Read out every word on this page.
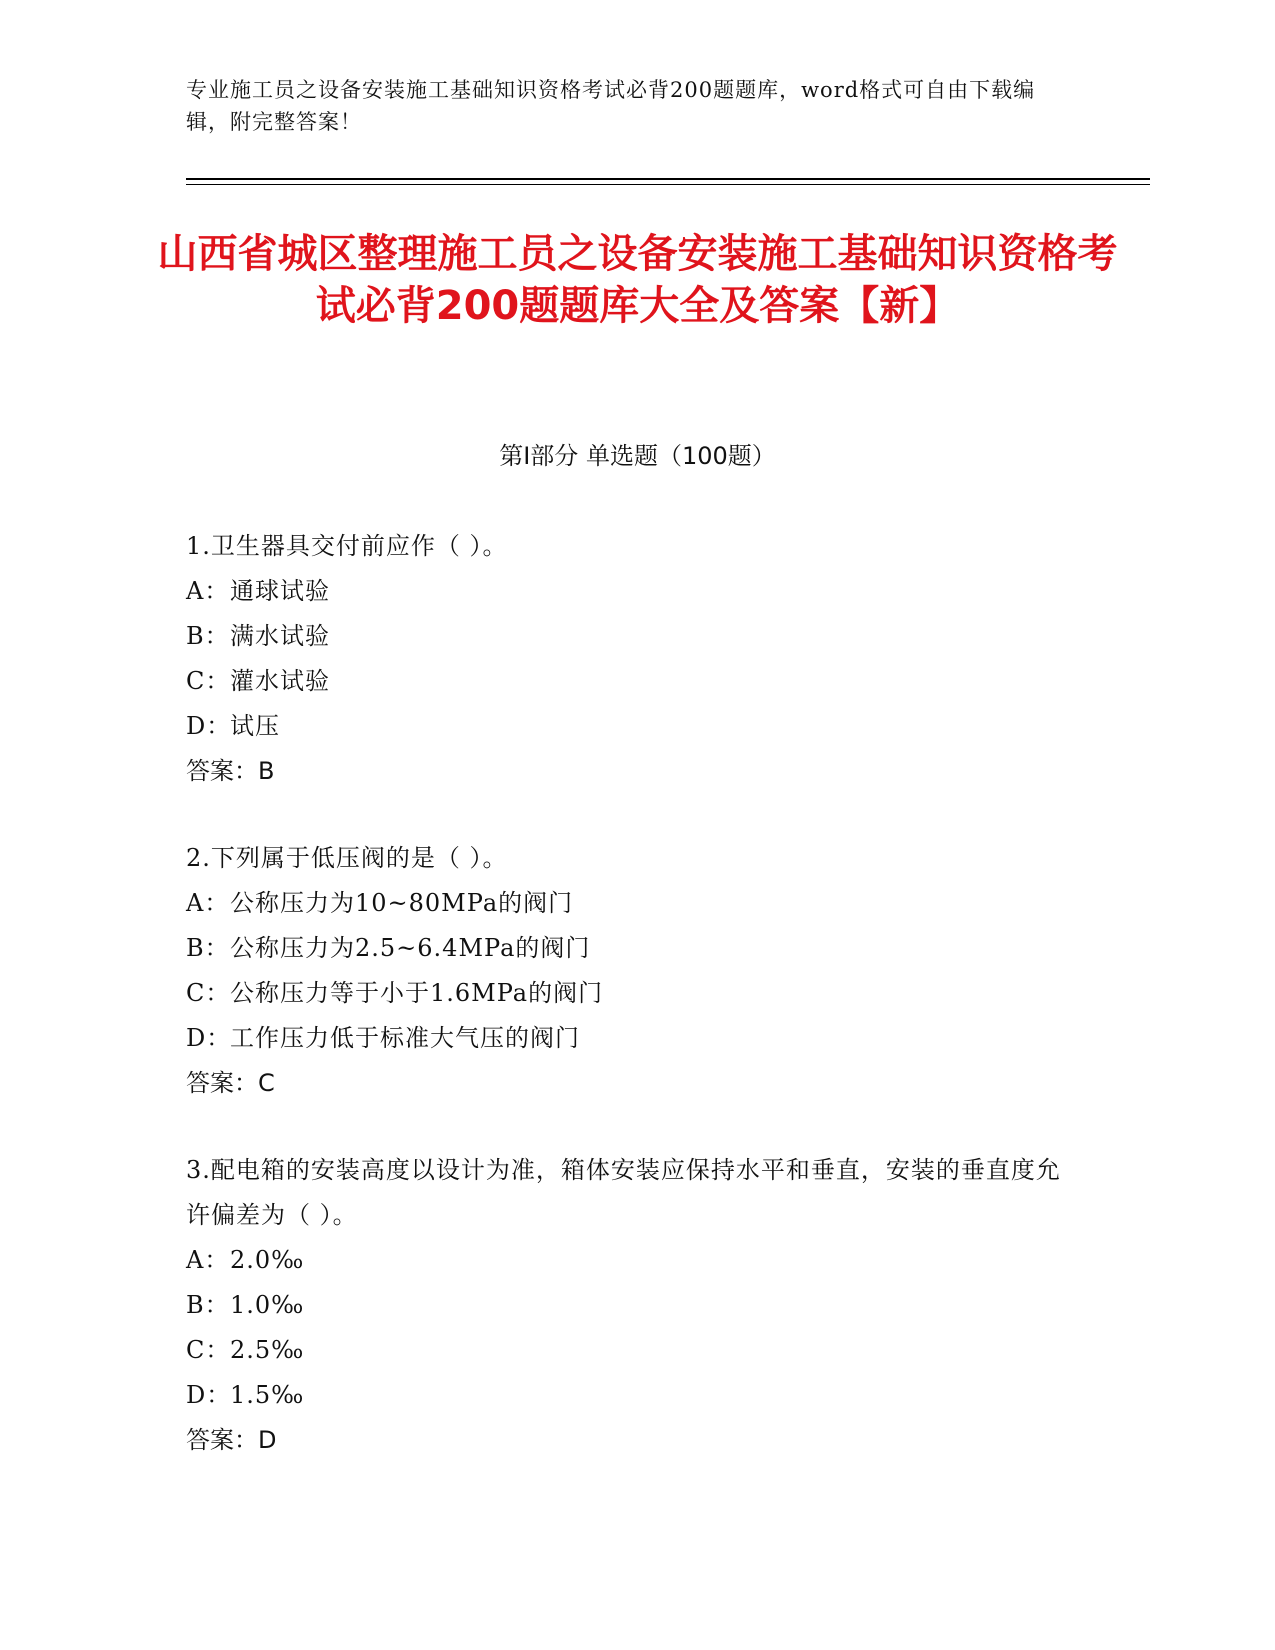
专业施工员之设备安装施工基础知识资格考试必背200题题库，word格式可自由下载编辑，附完整答案！
山西省城区整理施工员之设备安装施工基础知识资格考试必背200题题库大全及答案【新】
第I部分 单选题（100题）
1.卫生器具交付前应作（ ）。
A：通球试验
B：满水试验
C：灌水试验
D：试压
答案：B
2.下列属于低压阀的是（ ）。
A：公称压力为10~80MPa的阀门
B：公称压力为2.5~6.4MPa的阀门
C：公称压力等于小于1.6MPa的阀门
D：工作压力低于标准大气压的阀门
答案：C
3.配电箱的安装高度以设计为准，箱体安装应保持水平和垂直，安装的垂直度允许偏差为（ ）。
A：2.0‰
B：1.0‰
C：2.5‰
D：1.5‰
答案：D
